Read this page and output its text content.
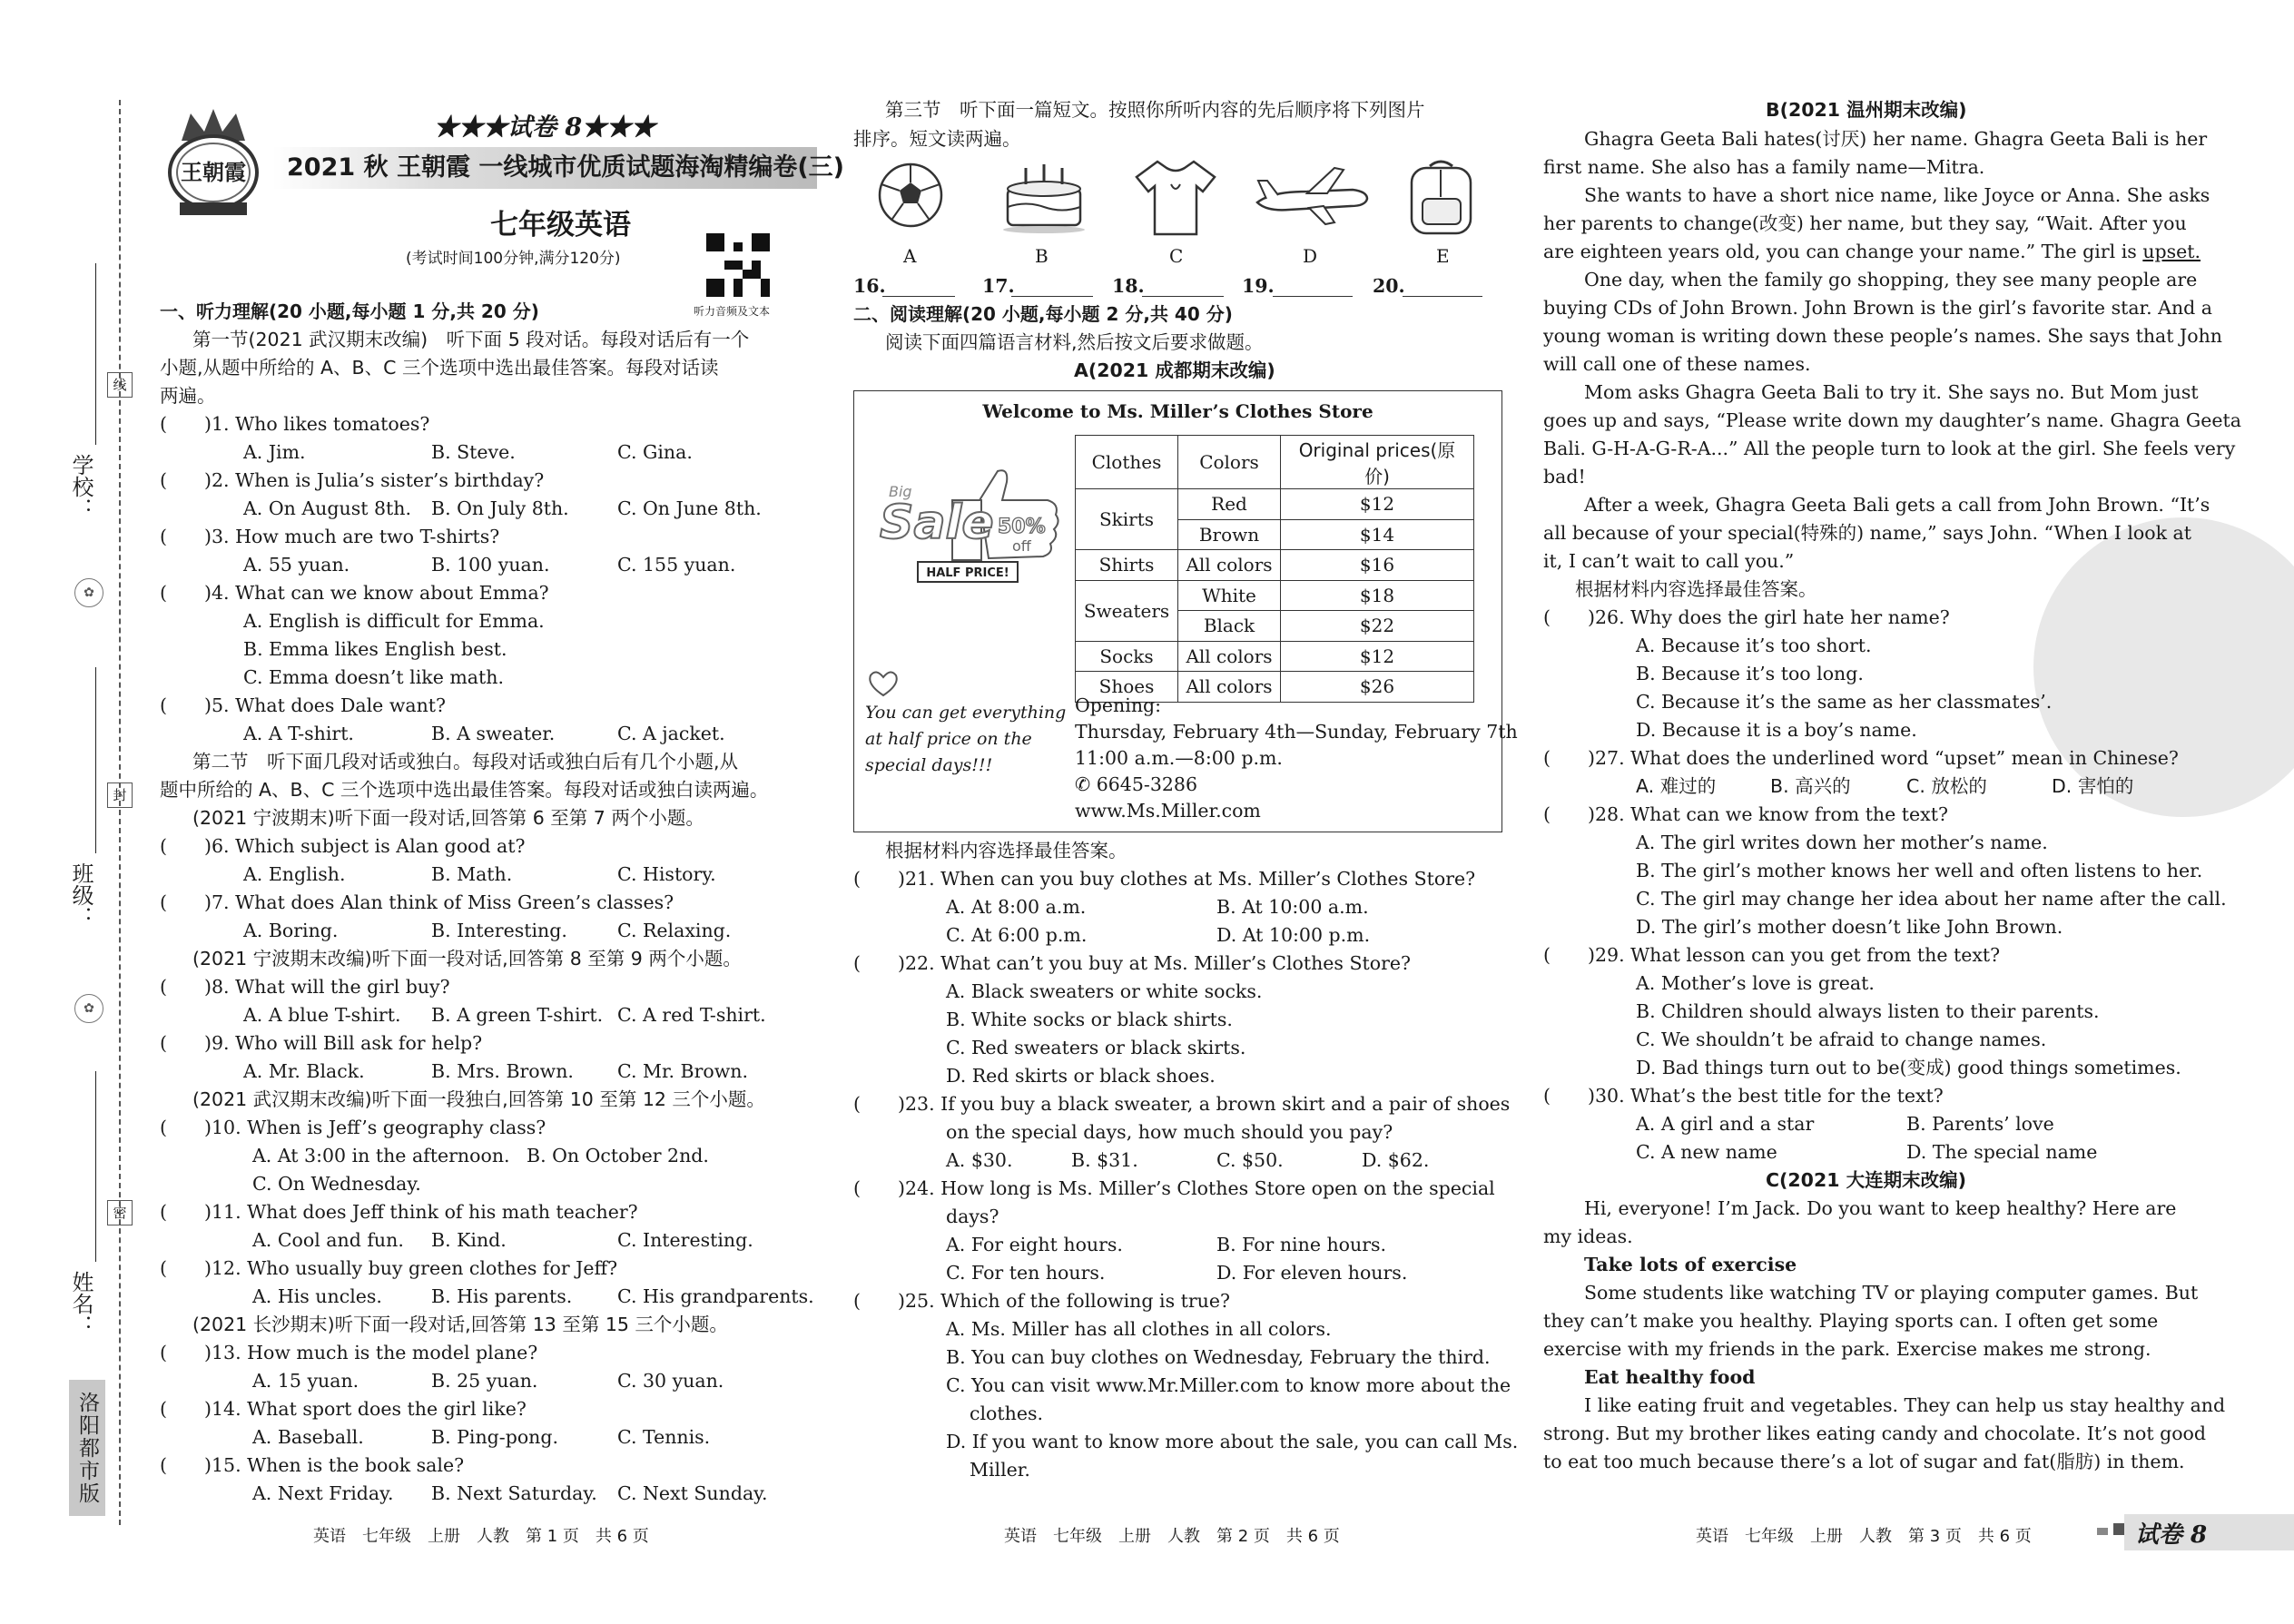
学校：
班级：
姓名：
线
封
密
✿
✿
洛阳都市版
王朝霞
★★★试卷 8★★★
2021 秋 王朝霞 一线城市优质试题海淘精编卷(三)
七年级英语
(考试时间100分钟,满分120分)
听力音频及文本
一、听力理解(20 小题,每小题 1 分,共 20 分)
第一节(2021 武汉期末改编)　听下面 5 段对话。每段对话后有一个
小题,从题中所给的 A、B、C 三个选项中选出最佳答案。每段对话读
两遍。
(　　)1. Who likes tomatoes?
A. Jim.	B. Steve.	C. Gina.
(　　)2. When is Julia’s sister’s birthday?
A. On August 8th. B. On July 8th.	C. On June 8th.
(　　)3. How much are two T-shirts?
A. 55 yuan.	B. 100 yuan.	C. 155 yuan.
(　　)4. What can we know about Emma?
A. English is difficult for Emma.
B. Emma likes English best.
C. Emma doesn’t like math.
(　　)5. What does Dale want?
A. A T-shirt.	B. A sweater.	C. A jacket.
第二节　听下面几段对话或独白。每段对话或独白后有几个小题,从
题中所给的 A、B、C 三个选项中选出最佳答案。每段对话或独白读两遍。
(2021 宁波期末)听下面一段对话,回答第 6 至第 7 两个小题。
(　　)6. Which subject is Alan good at?
A. English.	B. Math.	C. History.
(　　)7. What does Alan think of Miss Green’s classes?
A. Boring.	B. Interesting.	C. Relaxing.
(2021 宁波期末改编)听下面一段对话,回答第 8 至第 9 两个小题。
(　　)8. What will the girl buy?
A. A blue T-shirt. B. A green T-shirt. C. A red T-shirt.
(　　)9. Who will Bill ask for help?
A. Mr. Black.	B. Mrs. Brown. C. Mr. Brown.
(2021 武汉期末改编)听下面一段独白,回答第 10 至第 12 三个小题。
(　　)10. When is Jeff’s geography class?
A. At 3:00 in the afternoon. B. On October 2nd.
C. On Wednesday.
(　　)11. What does Jeff think of his math teacher?
A. Cool and fun. B. Kind.	C. Interesting.
(　　)12. Who usually buy green clothes for Jeff?
A. His uncles.	B. His parents. C. His grandparents.
(2021 长沙期末)听下面一段对话,回答第 13 至第 15 三个小题。
(　　)13. How much is the model plane?
A. 15 yuan.	B. 25 yuan.	C. 30 yuan.
(　　)14. What sport does the girl like?
A. Baseball.	B. Ping-pong.	C. Tennis.
(　　)15. When is the book sale?
A. Next Friday. B. Next Saturday. C. Next Sunday.
英语　七年级　上册　人教　第 1 页　共 6 页
第三节　听下面一篇短文。按照你所听内容的先后顺序将下列图片
排序。短文读两遍。
A	B	C	D	E
16.	17.	18.	19.	20.
二、阅读理解(20 小题,每小题 2 分,共 40 分)
阅读下面四篇语言材料,然后按文后要求做题。
A(2021 成都期末改编)
Welcome to Ms. Miller’s Clothes Store
Clothes	Colors	Original prices(原价)
Skirts	Red	$12
	Brown	$14
Shirts	All colors	$16
Sweaters	White	$18
	Black	$22
Socks	All colors	$12
Shoes	All colors	$26
Big
Sale 50%
off
HALF PRICE!
You can get everything
at half price on the
special days!!!
Opening:
Thursday, February 4th—Sunday, February 7th
11:00 a.m.—8:00 p.m.
✆ 6645-3286
www.Ms.Miller.com
根据材料内容选择最佳答案。
(　　)21. When can you buy clothes at Ms. Miller’s Clothes Store?
A. At 8:00 a.m.	B. At 10:00 a.m.
C. At 6:00 p.m.	D. At 10:00 p.m.
(　　)22. What can’t you buy at Ms. Miller’s Clothes Store?
A. Black sweaters or white socks.
B. White socks or black shirts.
C. Red sweaters or black skirts.
D. Red skirts or black shoes.
(　　)23. If you buy a black sweater, a brown skirt and a pair of shoes
on the special days, how much should you pay?
A. $30.	B. $31.	C. $50.	D. $62.
(　　)24. How long is Ms. Miller’s Clothes Store open on the special
days?
A. For eight hours.	B. For nine hours.
C. For ten hours.	D. For eleven hours.
(　　)25. Which of the following is true?
A. Ms. Miller has all clothes in all colors.
B. You can buy clothes on Wednesday, February the third.
C. You can visit www.Mr.Miller.com to know more about the
clothes.
D. If you want to know more about the sale, you can call Ms.
Miller.
英语　七年级　上册　人教　第 2 页　共 6 页
B(2021 温州期末改编)
Ghagra Geeta Bali hates(讨厌) her name. Ghagra Geeta Bali is her
first name. She also has a family name—Mitra.
She wants to have a short nice name, like Joyce or Anna. She asks
her parents to change(改变) her name, but they say, “Wait. After you
are eighteen years old, you can change your name.” The girl is upset.
One day, when the family go shopping, they see many people are
buying CDs of John Brown. John Brown is the girl’s favorite star. And a
young woman is writing down these people’s names. She says that John
will call one of these names.
Mom asks Ghagra Geeta Bali to try it. She says no. But Mom just
goes up and says, “Please write down my daughter’s name. Ghagra Geeta
Bali. G-H-A-G-R-A...” All the people turn to look at the girl. She feels very
bad!
After a week, Ghagra Geeta Bali gets a call from John Brown. “It’s
all because of your special(特殊的) name,” says John. “When I look at
it, I can’t wait to call you.”
根据材料内容选择最佳答案。
(　　)26. Why does the girl hate her name?
A. Because it’s too short.
B. Because it’s too long.
C. Because it’s the same as her classmates’.
D. Because it is a boy’s name.
(　　)27. What does the underlined word “upset” mean in Chinese?
A. 难过的	B. 高兴的	C. 放松的	D. 害怕的
(　　)28. What can we know from the text?
A. The girl writes down her mother’s name.
B. The girl’s mother knows her well and often listens to her.
C. The girl may change her idea about her name after the call.
D. The girl’s mother doesn’t like John Brown.
(　　)29. What lesson can you get from the text?
A. Mother’s love is great.
B. Children should always listen to their parents.
C. We shouldn’t be afraid to change names.
D. Bad things turn out to be(变成) good things sometimes.
(　　)30. What’s the best title for the text?
A. A girl and a star	B. Parents’ love
C. A new name	D. The special name
C(2021 大连期末改编)
Hi, everyone! I’m Jack. Do you want to keep healthy? Here are
my ideas.
Take lots of exercise
Some students like watching TV or playing computer games. But
they can’t make you healthy. Playing sports can. I often get some
exercise with my friends in the park. Exercise makes me strong.
Eat healthy food
I like eating fruit and vegetables. They can help us stay healthy and
strong. But my brother likes eating candy and chocolate. It’s not good
to eat too much because there’s a lot of sugar and fat(脂肪) in them.
英语　七年级　上册　人教　第 3 页　共 6 页	试卷 8
